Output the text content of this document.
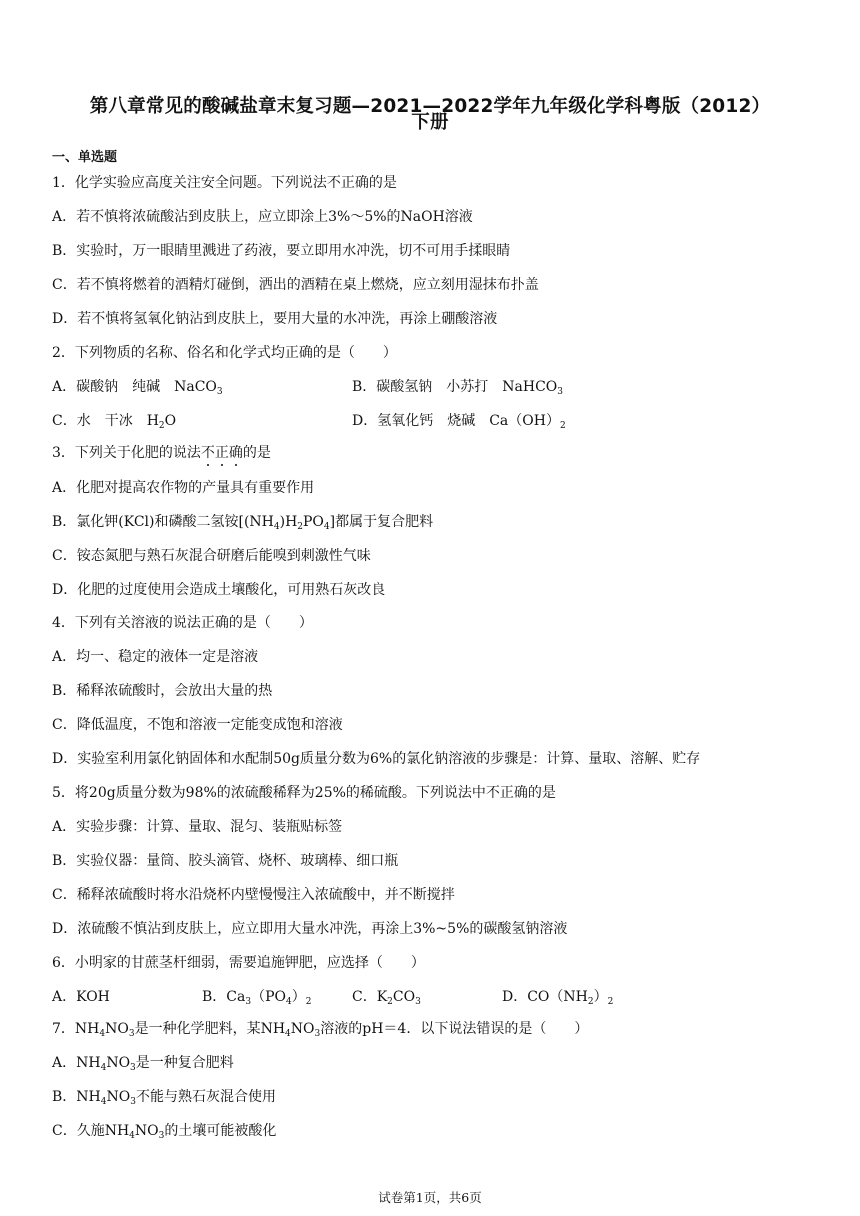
第八章常见的酸碱盐章末复习题—2021—2022学年九年级化学科粤版（2012）
下册
一、单选题
1．化学实验应高度关注安全问题。下列说法不正确的是
A．若不慎将浓硫酸沾到皮肤上，应立即涂上3%～5%的NaOH溶液
B．实验时，万一眼睛里溅进了药液，要立即用水冲洗，切不可用手揉眼睛
C．若不慎将燃着的酒精灯碰倒，洒出的酒精在桌上燃烧，应立刻用湿抹布扑盖
D．若不慎将氢氧化钠沾到皮肤上，要用大量的水冲洗，再涂上硼酸溶液
2．下列物质的名称、俗名和化学式均正确的是（　　）
A．碳酸钠　纯碱　NaCO$_3$	B．碳酸氢钠　小苏打　NaHCO$_3$
C．水　干冰　$H_2O$	D．氢氧化钙　烧碱　$Ca(OH)_2$
3．下列关于化肥的说法不正确的是
A．化肥对提高农作物的产量具有重要作用
B．氯化钾(KCl)和磷酸二氢铵$[(NH_4)H_2PO_4]$都属于复合肥料
C．铵态氮肥与熟石灰混合研磨后能嗅到刺激性气味
D．化肥的过度使用会造成土壤酸化，可用熟石灰改良
4．下列有关溶液的说法正确的是（　　）
A．均一、稳定的液体一定是溶液
B．稀释浓硫酸时，会放出大量的热
C．降低温度，不饱和溶液一定能变成饱和溶液
D．实验室利用氯化钠固体和水配制50g质量分数为6%的氯化钠溶液的步骤是：计算、量取、溶解、贮存
5．将20g质量分数为98%的浓硫酸稀释为25%的稀硫酸。下列说法中不正确的是
A．实验步骤：计算、量取、混匀、装瓶贴标签
B．实验仪器：量筒、胶头滴管、烧杯、玻璃棒、细口瓶
C．稀释浓硫酸时将水沿烧杯内壁慢慢注入浓硫酸中，并不断搅拌
D．浓硫酸不慎沾到皮肤上，应立即用大量水冲洗，再涂上3%~5%的碳酸氢钠溶液
6．小明家的甘蔗茎杆细弱，需要追施钾肥，应选择（　　）
A．KOH	B．$Ca_3(PO_4)_2$	C．$K_2CO_3$	D．$CO(NH_2)_2$
7．$NH_4NO_3$是一种化学肥料，某$NH_4NO_3$溶液的pH＝4．以下说法错误的是（　　）
A．$NH_4NO_3$是一种复合肥料
B．$NH_4NO_3$不能与熟石灰混合使用
C．久施$NH_4NO_3$的土壤可能被酸化
试卷第1页，共6页
